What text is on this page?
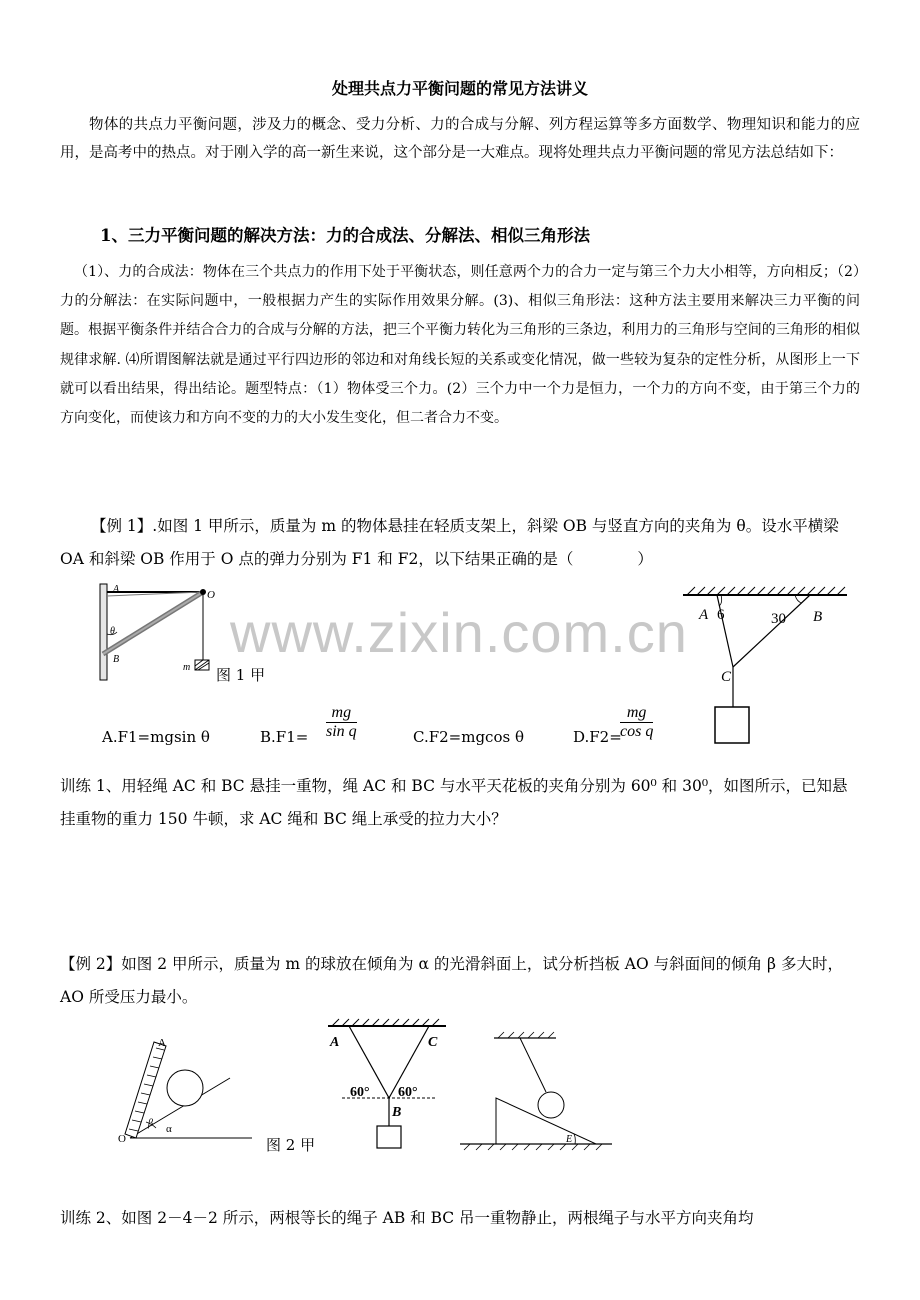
www.zixin.com.cn
处理共点力平衡问题的常见方法讲义
物体的共点力平衡问题，涉及力的概念、受力分析、力的合成与分解、列方程运算等多方面数学、物理知识和能力的应用，是高考中的热点。对于刚入学的高一新生来说，这个部分是一大难点。现将处理共点力平衡问题的常见方法总结如下：
1、三力平衡问题的解决方法：力的合成法、分解法、相似三角形法
（1）、力的合成法：物体在三个共点力的作用下处于平衡状态，则任意两个力的合力一定与第三个力大小相等，方向相反；（2）力的分解法：在实际问题中，一般根据力产生的实际作用效果分解。(3)、相似三角形法：这种方法主要用来解决三力平衡的问题。根据平衡条件并结合合力的合成与分解的方法，把三个平衡力转化为三角形的三条边，利用力的三角形与空间的三角形的相似规律求解. ⑷所谓图解法就是通过平行四边形的邻边和对角线长短的关系或变化情况，做一些较为复杂的定性分析，从图形上一下就可以看出结果，得出结论。题型特点：（1）物体受三个力。(2）三个力中一个力是恒力，一个力的方向不变，由于第三个力的方向变化，而使该力和方向不变的力的大小发生变化，但二者合力不变。
【例 1】.如图 1 甲所示，质量为 m 的物体悬挂在轻质支架上，斜梁 OB 与竖直方向的夹角为 θ。设水平横梁 OA 和斜梁 OB 作用于 O 点的弹力分别为 F1 和 F2，以下结果正确的是（	）
A	O
θ
B
m 图 1 甲
A 6	30 B
C
A.F1=mgsin θ	$B.F1= \frac{mg}{\text{sin q}}$	C.F2=mgcos θ	D.F2=
$\frac{mg}{\text{cos q}}$
训练 1、用轻绳 AC 和 BC 悬挂一重物，绳 AC 和 BC 与水平天花板的夹角分别为 60⁰ 和 30⁰，如图所示，已知悬挂重物的重力 150 牛顿，求 AC 绳和 BC 绳上承受的拉力大小？
【例 2】如图 2 甲所示，质量为 m 的球放在倾角为 α 的光滑斜面上，试分析挡板 AO 与斜面间的倾角 β 多大时，AO 所受压力最小。
A
O
β α
图 2 甲
A	C
60° 60°
B
E
训练 2、如图 2－4－2 所示，两根等长的绳子 AB 和 BC 吊一重物静止，两根绳子与水平方向夹角均
